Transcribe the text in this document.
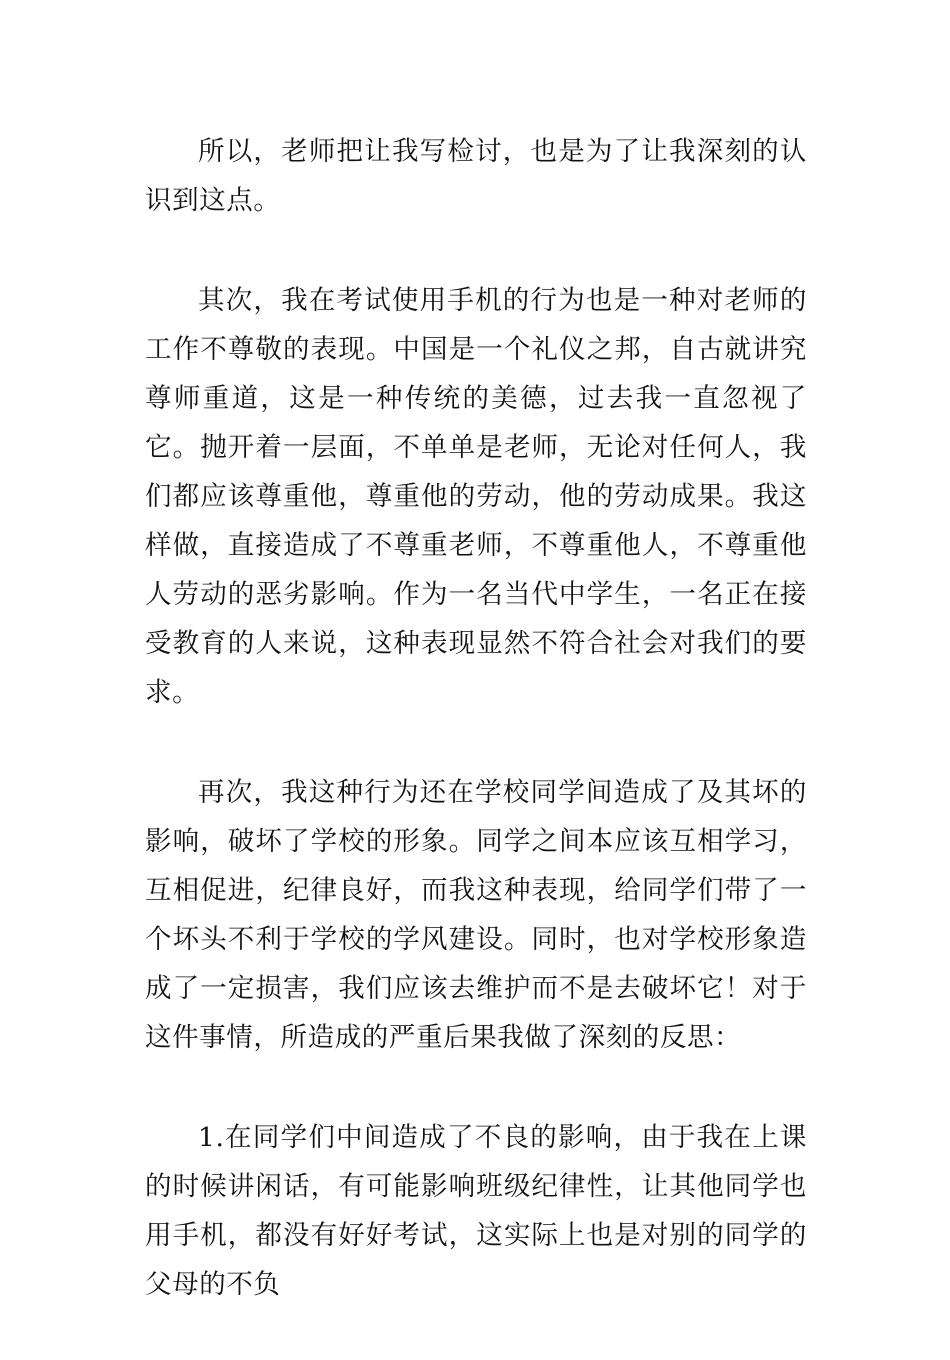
所以，老师把让我写检讨，也是为了让我深刻的认识到这点。

其次，我在考试使用手机的行为也是一种对老师的工作不尊敬的表现。中国是一个礼仪之邦，自古就讲究尊师重道，这是一种传统的美德，过去我一直忽视了它。抛开着一层面，不单单是老师，无论对任何人，我们都应该尊重他，尊重他的劳动，他的劳动成果。我这样做，直接造成了不尊重老师，不尊重他人，不尊重他人劳动的恶劣影响。作为一名当代中学生，一名正在接受教育的人来说，这种表现显然不符合社会对我们的要求。

再次，我这种行为还在学校同学间造成了及其坏的影响，破坏了学校的形象。同学之间本应该互相学习，互相促进，纪律良好，而我这种表现，给同学们带了一个坏头不利于学校的学风建设。同时，也对学校形象造成了一定损害，我们应该去维护而不是去破坏它！对于这件事情，所造成的严重后果我做了深刻的反思：

1.在同学们中间造成了不良的影响，由于我在上课的时候讲闲话，有可能影响班级纪律性，让其他同学也用手机，都没有好好考试，这实际上也是对别的同学的父母的不负
